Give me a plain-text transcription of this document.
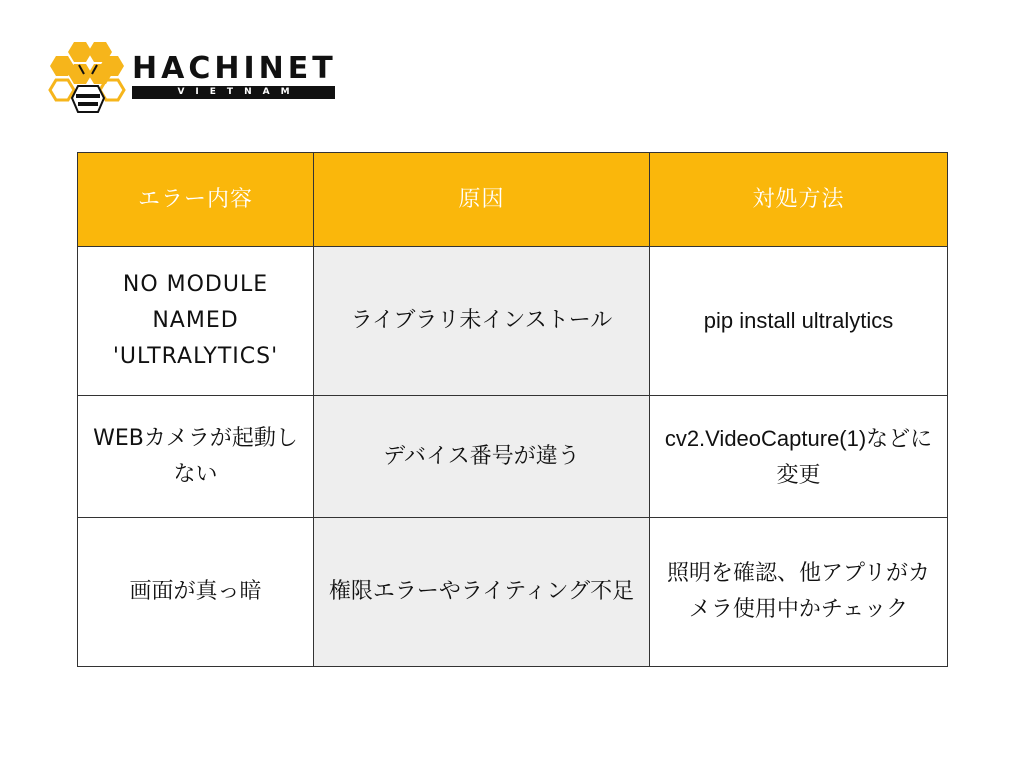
HACHINET
VIETNAM
エラー内容	原因	対処方法
NO MODULE NAMED 'ULTRALYTICS'	ライブラリ未インストール	pip install ultralytics
WEBカメラが起動しない	デバイス番号が違う	cv2.VideoCapture(1)などに変更
画面が真っ暗	権限エラーやライティング不足	照明を確認、他アプリがカメラ使用中かチェック
